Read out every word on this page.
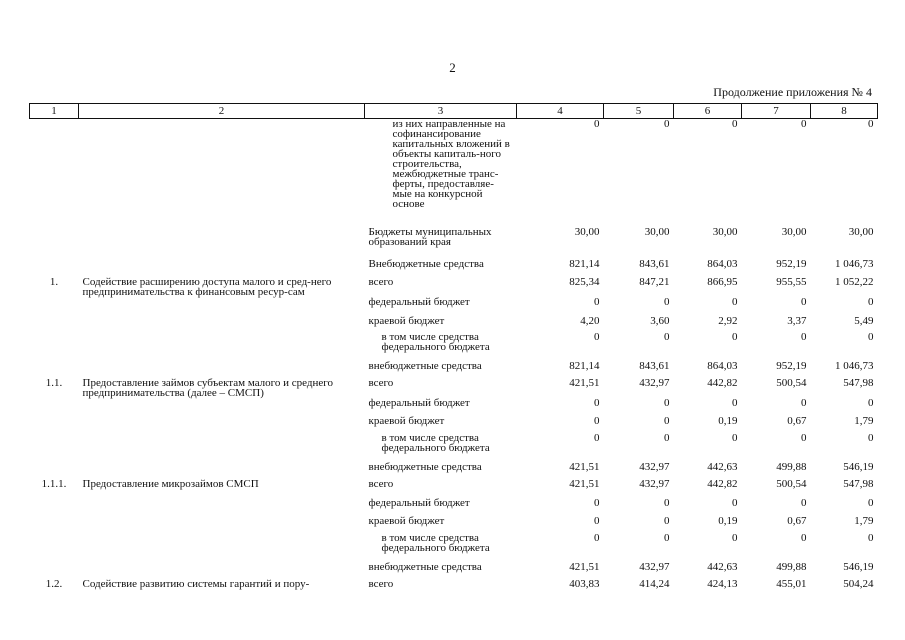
2
Продолжение приложения № 4
1	2	3	4	5	6	7	8
		из них направленные на софинансирование капитальных вложений в объекты капиталь-ного строительства, межбюджетные транс-ферты, предоставляе-мые на конкурсной основе	0	0	0	0	0
		Бюджеты муниципальных образований края	30,00	30,00	30,00	30,00	30,00
		Внебюджетные средства	821,14	843,61	864,03	952,19	1 046,73
1.	Содействие расширению доступа малого и сред-него предпринимательства к финансовым ресур-сам	всего	825,34	847,21	866,95	955,55	1 052,22
		федеральный бюджет	0	0	0	0	0
		краевой бюджет	4,20	3,60	2,92	3,37	5,49
		в том числе средства федерального бюджета	0	0	0	0	0
		внебюджетные средства	821,14	843,61	864,03	952,19	1 046,73
1.1.	Предоставление займов субъектам малого и среднего предпринимательства (далее – СМСП)	всего	421,51	432,97	442,82	500,54	547,98
		федеральный бюджет	0	0	0	0	0
		краевой бюджет	0	0	0,19	0,67	1,79
		в том числе средства федерального бюджета	0	0	0	0	0
		внебюджетные средства	421,51	432,97	442,63	499,88	546,19
1.1.1.	Предоставление микрозаймов СМСП	всего	421,51	432,97	442,82	500,54	547,98
		федеральный бюджет	0	0	0	0	0
		краевой бюджет	0	0	0,19	0,67	1,79
		в том числе средства федерального бюджета	0	0	0	0	0
		внебюджетные средства	421,51	432,97	442,63	499,88	546,19
1.2.	Содействие развитию системы гарантий и пору-	всего	403,83	414,24	424,13	455,01	504,24
